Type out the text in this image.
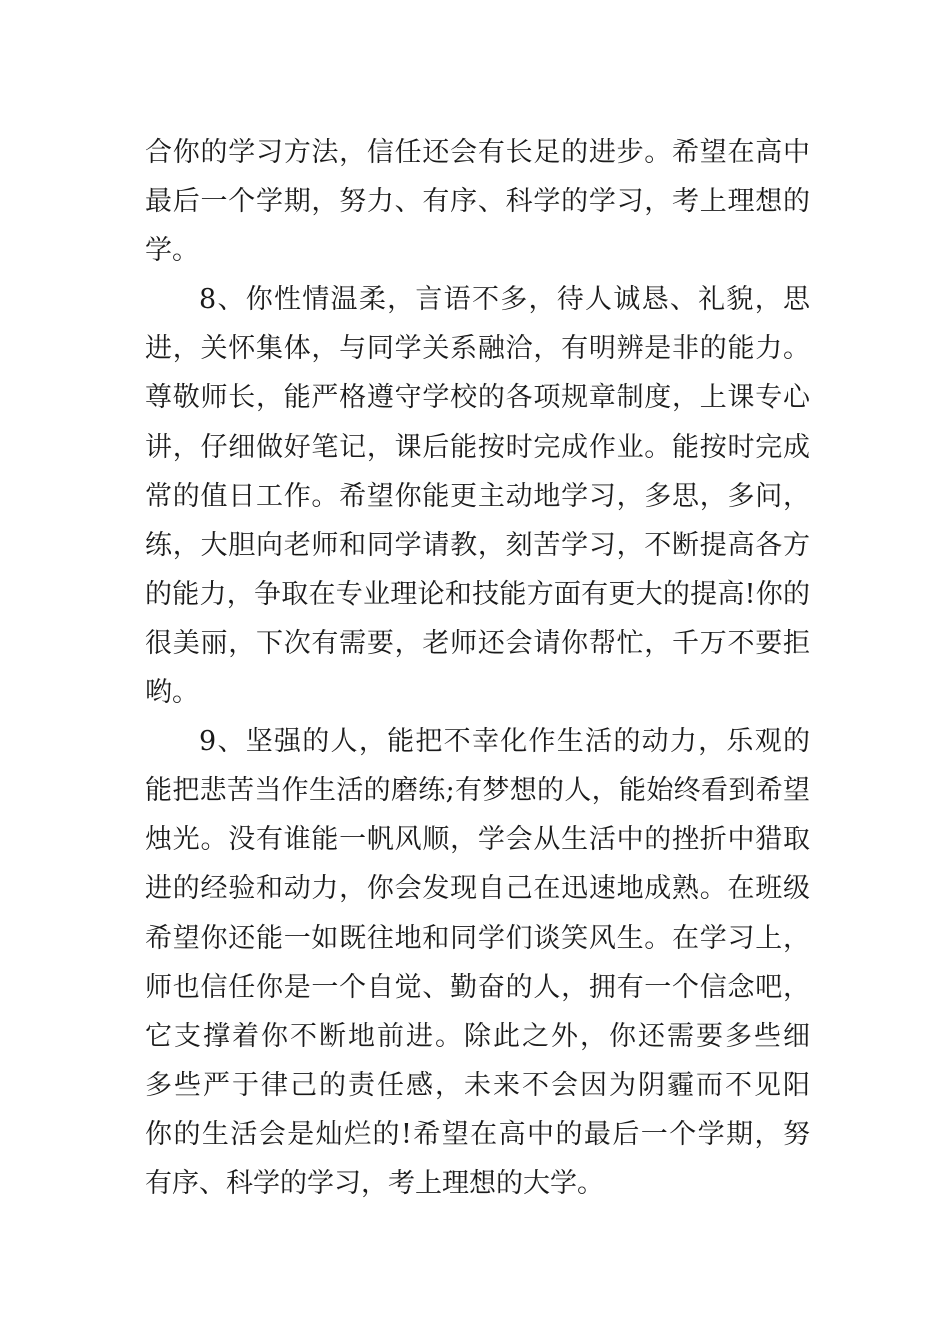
合你的学习方法，信任还会有长足的进步。希望在高中
最后一个学期，努力、有序、科学的学习，考上理想的
学。
8、你性情温柔，言语不多，待人诚恳、礼貌，思
进，关怀集体，与同学关系融洽，有明辨是非的能力。
尊敬师长，能严格遵守学校的各项规章制度，上课专心
讲，仔细做好笔记，课后能按时完成作业。能按时完成
常的值日工作。希望你能更主动地学习，多思，多问，
练，大胆向老师和同学请教，刻苦学习，不断提高各方
的能力，争取在专业理论和技能方面有更大的提高!你的
很美丽，下次有需要，老师还会请你帮忙，千万不要拒
哟。
9、坚强的人，能把不幸化作生活的动力，乐观的
能把悲苦当作生活的磨练;有梦想的人，能始终看到希望
烛光。没有谁能一帆风顺，学会从生活中的挫折中猎取
进的经验和动力，你会发现自己在迅速地成熟。在班级
希望你还能一如既往地和同学们谈笑风生。在学习上，
师也信任你是一个自觉、勤奋的人，拥有一个信念吧，
它支撑着你不断地前进。除此之外，你还需要多些细
多些严于律己的责任感，未来不会因为阴霾而不见阳
你的生活会是灿烂的!希望在高中的最后一个学期，努
有序、科学的学习，考上理想的大学。
